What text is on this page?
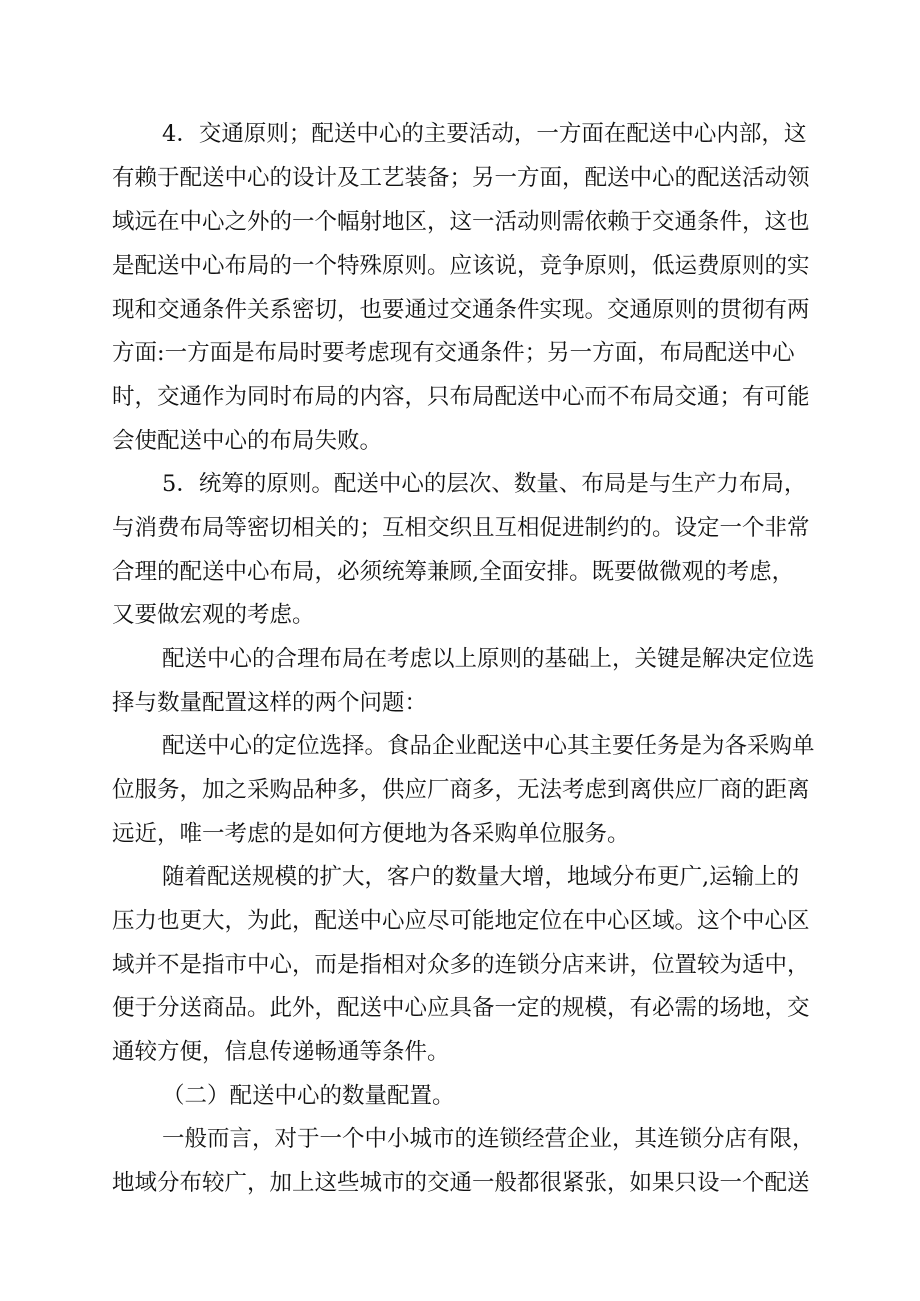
4．交通原则；配送中心的主要活动，一方面在配送中心内部，这
有赖于配送中心的设计及工艺装备；另一方面，配送中心的配送活动领
域远在中心之外的一个幅射地区，这一活动则需依赖于交通条件，这也
是配送中心布局的一个特殊原则。应该说，竞争原则，低运费原则的实
现和交通条件关系密切，也要通过交通条件实现。交通原则的贯彻有两
方面:一方面是布局时要考虑现有交通条件；另一方面，布局配送中心
时，交通作为同时布局的内容，只布局配送中心而不布局交通；有可能
会使配送中心的布局失败。
5．统筹的原则。配送中心的层次、数量、布局是与生产力布局，
与消费布局等密切相关的；互相交织且互相促进制约的。设定一个非常
合理的配送中心布局，必须统筹兼顾,全面安排。既要做微观的考虑，
又要做宏观的考虑。
配送中心的合理布局在考虑以上原则的基础上，关键是解决定位选
择与数量配置这样的两个问题：
配送中心的定位选择。食品企业配送中心其主要任务是为各采购单
位服务，加之采购品种多，供应厂商多，无法考虑到离供应厂商的距离
远近，唯一考虑的是如何方便地为各采购单位服务。
随着配送规模的扩大，客户的数量大增，地域分布更广,运输上的
压力也更大，为此，配送中心应尽可能地定位在中心区域。这个中心区
域并不是指市中心，而是指相对众多的连锁分店来讲，位置较为适中，
便于分送商品。此外，配送中心应具备一定的规模，有必需的场地，交
通较方便，信息传递畅通等条件。
（二）配送中心的数量配置。
一般而言，对于一个中小城市的连锁经营企业，其连锁分店有限，
地域分布较广，加上这些城市的交通一般都很紧张，如果只设一个配送
